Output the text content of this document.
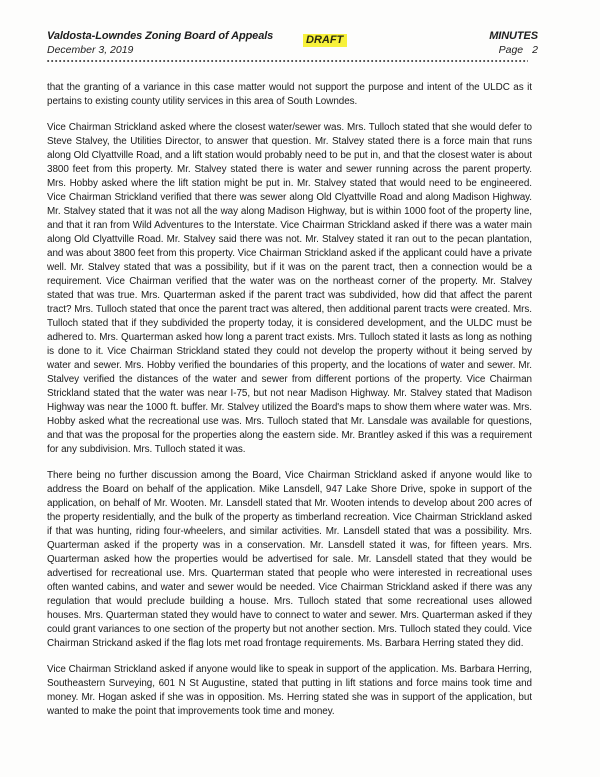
Valdosta-Lowndes Zoning Board of Appeals
December 3, 2019
DRAFT	MINUTES
Page 2

that the granting of a variance in this case matter would not support the purpose and intent of the ULDC as it pertains to existing county utility services in this area of South Lowndes.

Vice Chairman Strickland asked where the closest water/sewer was. Mrs. Tulloch stated that she would defer to Steve Stalvey, the Utilities Director, to answer that question. Mr. Stalvey stated there is a force main that runs along Old Clyattville Road, and a lift station would probably need to be put in, and that the closest water is about 3800 feet from this property. Mr. Stalvey stated there is water and sewer running across the parent property. Mrs. Hobby asked where the lift station might be put in. Mr. Stalvey stated that would need to be engineered. Vice Chairman Strickland verified that there was sewer along Old Clyattville Road and along Madison Highway. Mr. Stalvey stated that it was not all the way along Madison Highway, but is within 1000 foot of the property line, and that it ran from Wild Adventures to the Interstate. Vice Chairman Strickland asked if there was a water main along Old Clyattville Road. Mr. Stalvey said there was not. Mr. Stalvey stated it ran out to the pecan plantation, and was about 3800 feet from this property. Vice Chairman Strickland asked if the applicant could have a private well. Mr. Stalvey stated that was a possibility, but if it was on the parent tract, then a connection would be a requirement. Vice Chairman verified that the water was on the northeast corner of the property. Mr. Stalvey stated that was true. Mrs. Quarterman asked if the parent tract was subdivided, how did that affect the parent tract? Mrs. Tulloch stated that once the parent tract was altered, then additional parent tracts were created. Mrs. Tulloch stated that if they subdivided the property today, it is considered development, and the ULDC must be adhered to. Mrs. Quarterman asked how long a parent tract exists. Mrs. Tulloch stated it lasts as long as nothing is done to it. Vice Chairman Strickland stated they could not develop the property without it being served by water and sewer. Mrs. Hobby verified the boundaries of this property, and the locations of water and sewer. Mr. Stalvey verified the distances of the water and sewer from different portions of the property. Vice Chairman Strickland stated that the water was near I-75, but not near Madison Highway. Mr. Stalvey stated that Madison Highway was near the 1000 ft. buffer. Mr. Stalvey utilized the Board's maps to show them where water was. Mrs. Hobby asked what the recreational use was. Mrs. Tulloch stated that Mr. Lansdale was available for questions, and that was the proposal for the properties along the eastern side. Mr. Brantley asked if this was a requirement for any subdivision. Mrs. Tulloch stated it was.

There being no further discussion among the Board, Vice Chairman Strickland asked if anyone would like to address the Board on behalf of the application. Mike Lansdell, 947 Lake Shore Drive, spoke in support of the application, on behalf of Mr. Wooten. Mr. Lansdell stated that Mr. Wooten intends to develop about 200 acres of the property residentially, and the bulk of the property as timberland recreation. Vice Chairman Strickland asked if that was hunting, riding four-wheelers, and similar activities. Mr. Lansdell stated that was a possibility. Mrs. Quarterman asked if the property was in a conservation. Mr. Lansdell stated it was, for fifteen years. Mrs. Quarterman asked how the properties would be advertised for sale. Mr. Lansdell stated that they would be advertised for recreational use. Mrs. Quarterman stated that people who were interested in recreational uses often wanted cabins, and water and sewer would be needed. Vice Chairman Strickland asked if there was any regulation that would preclude building a house. Mrs. Tulloch stated that some recreational uses allowed houses. Mrs. Quarterman stated they would have to connect to water and sewer. Mrs. Quarterman asked if they could grant variances to one section of the property but not another section. Mrs. Tulloch stated they could. Vice Chairman Strickand asked if the flag lots met road frontage requirements. Ms. Barbara Herring stated they did.

Vice Chairman Strickland asked if anyone would like to speak in support of the application. Ms. Barbara Herring, Southeastern Surveying, 601 N St Augustine, stated that putting in lift stations and force mains took time and money. Mr. Hogan asked if she was in opposition. Ms. Herring stated she was in support of the application, but wanted to make the point that improvements took time and money.
